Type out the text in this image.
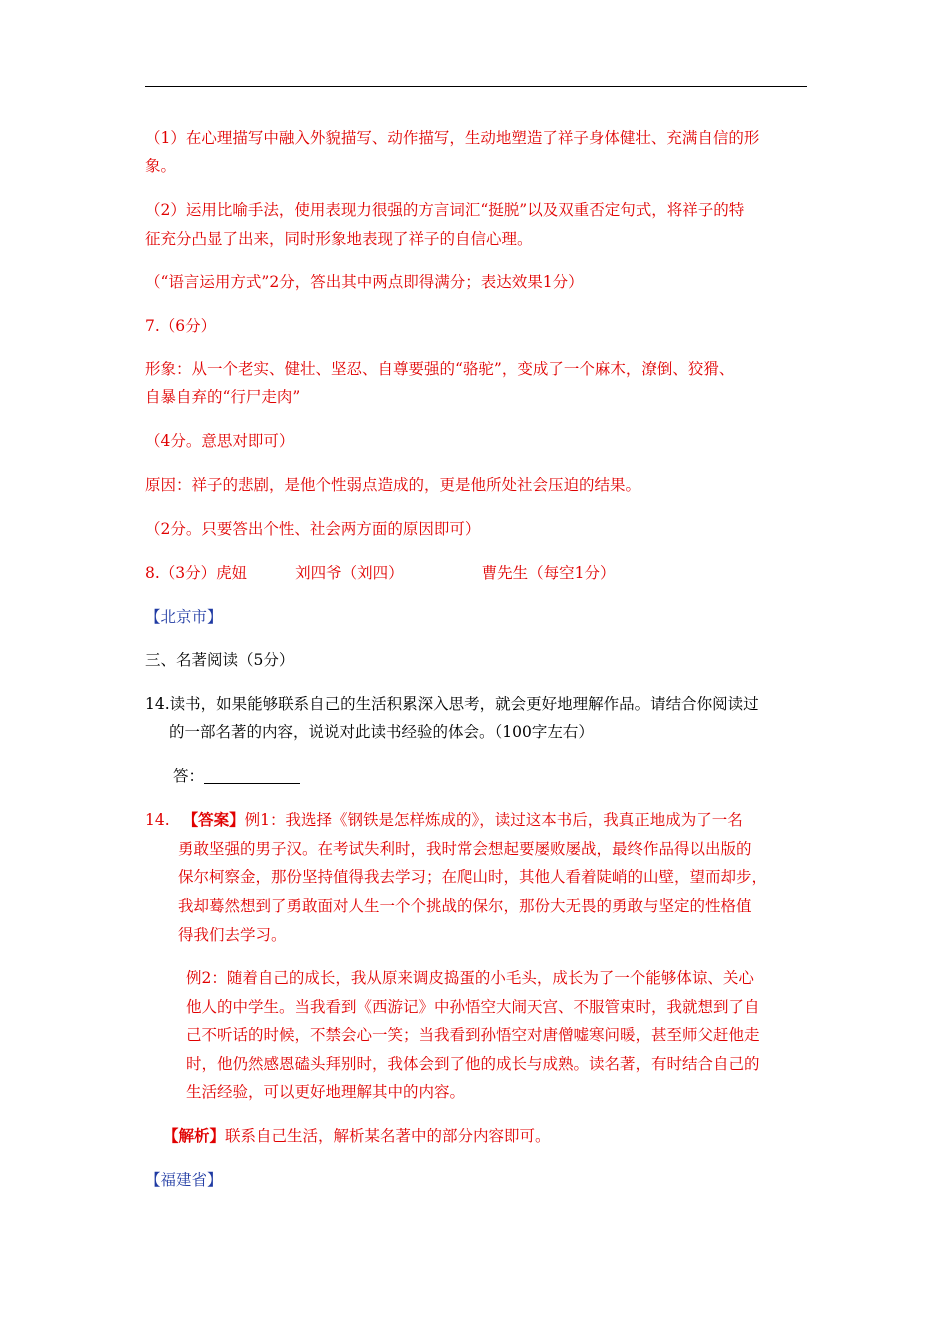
（1）在心理描写中融入外貌描写、动作描写，生动地塑造了祥子身体健壮、充满自信的形
象。
（2）运用比喻手法，使用表现力很强的方言词汇“挺脱”以及双重否定句式，将祥子的特
征充分凸显了出来，同时形象地表现了祥子的自信心理。
（“语言运用方式”2分，答出其中两点即得满分；表达效果1分）
7.（6分）
形象：从一个老实、健壮、坚忍、自尊要强的“骆驼”，变成了一个麻木，潦倒、狡猾、
自暴自弃的“行尸走肉”
（4分。意思对即可）
原因：祥子的悲剧，是他个性弱点造成的，更是他所处社会压迫的结果。
（2分。只要答出个性、社会两方面的原因即可）
8.（3分）虎妞	刘四爷（刘四）	曹先生（每空1分）
【北京市】
三、名著阅读（5分）
14.读书，如果能够联系自己的生活积累深入思考，就会更好地理解作品。请结合你阅读过
的一部名著的内容，说说对此读书经验的体会。（100字左右）
答：
14. 【答案】例1：我选择《钢铁是怎样炼成的》，读过这本书后，我真正地成为了一名
勇敢坚强的男子汉。在考试失利时，我时常会想起要屡败屡战，最终作品得以出版的
保尔柯察金，那份坚持值得我去学习；在爬山时，其他人看着陡峭的山壁，望而却步，
我却蓦然想到了勇敢面对人生一个个挑战的保尔，那份大无畏的勇敢与坚定的性格值
得我们去学习。
例2：随着自己的成长，我从原来调皮捣蛋的小毛头，成长为了一个能够体谅、关心
他人的中学生。当我看到《西游记》中孙悟空大闹天宫、不服管束时，我就想到了自
己不听话的时候，不禁会心一笑；当我看到孙悟空对唐僧嘘寒问暖，甚至师父赶他走
时，他仍然感恩磕头拜别时，我体会到了他的成长与成熟。读名著，有时结合自己的
生活经验，可以更好地理解其中的内容。
【解析】联系自己生活，解析某名著中的部分内容即可。
【福建省】
